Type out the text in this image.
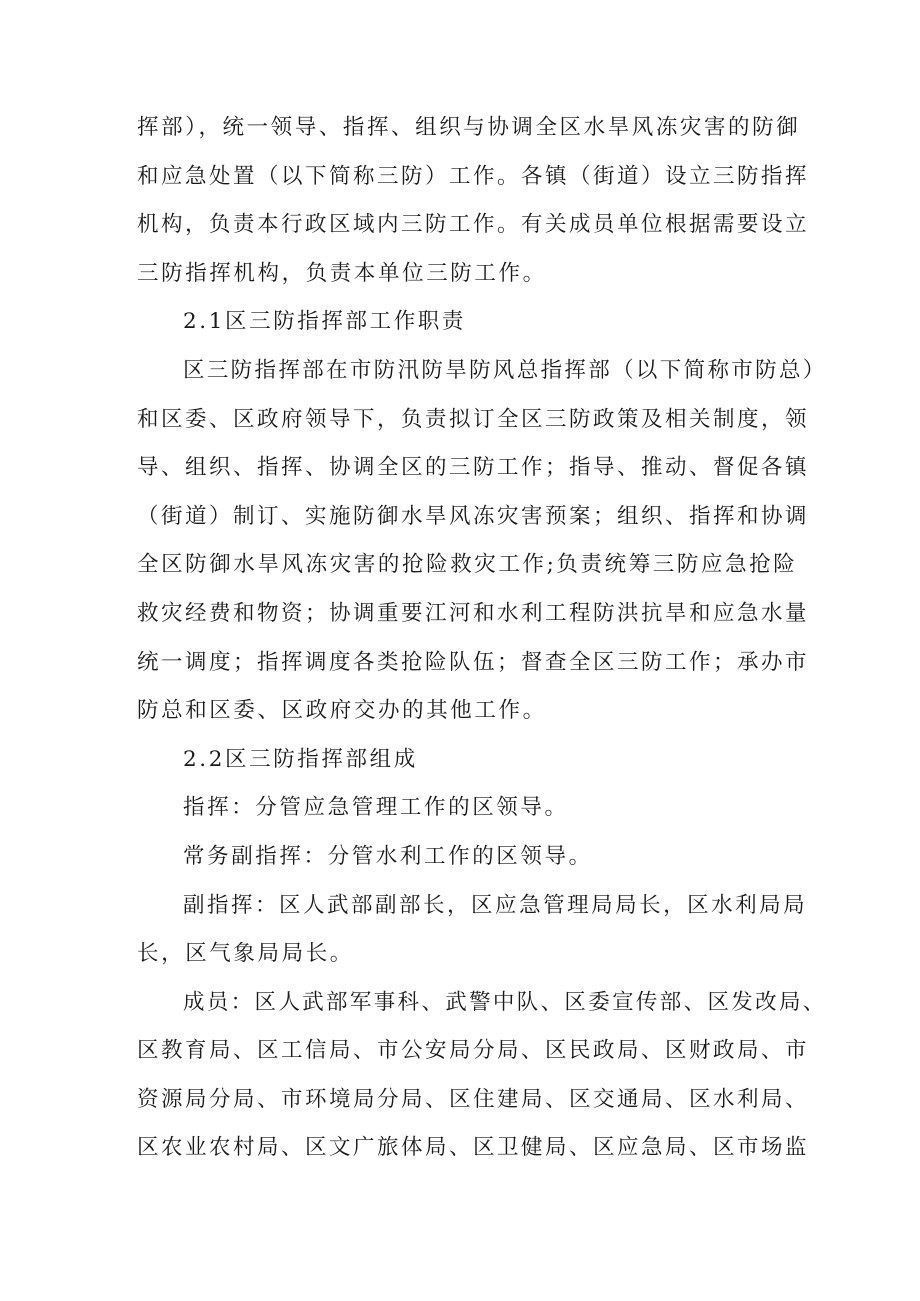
挥部），统一领导、指挥、组织与协调全区水旱风冻灾害的防御
和应急处置（以下简称三防）工作。各镇（街道）设立三防指挥
机构，负责本行政区域内三防工作。有关成员单位根据需要设立
三防指挥机构，负责本单位三防工作。
2.1区三防指挥部工作职责
区三防指挥部在市防汛防旱防风总指挥部（以下简称市防总）
和区委、区政府领导下，负责拟订全区三防政策及相关制度，领
导、组织、指挥、协调全区的三防工作；指导、推动、督促各镇
（街道）制订、实施防御水旱风冻灾害预案；组织、指挥和协调
全区防御水旱风冻灾害的抢险救灾工作;负责统筹三防应急抢险
救灾经费和物资；协调重要江河和水利工程防洪抗旱和应急水量
统一调度；指挥调度各类抢险队伍；督查全区三防工作；承办市
防总和区委、区政府交办的其他工作。
2.2区三防指挥部组成
指挥：分管应急管理工作的区领导。
常务副指挥：分管水利工作的区领导。
副指挥：区人武部副部长，区应急管理局局长，区水利局局
长，区气象局局长。
成员：区人武部军事科、武警中队、区委宣传部、区发改局、
区教育局、区工信局、市公安局分局、区民政局、区财政局、市
资源局分局、市环境局分局、区住建局、区交通局、区水利局、
区农业农村局、区文广旅体局、区卫健局、区应急局、区市场监
